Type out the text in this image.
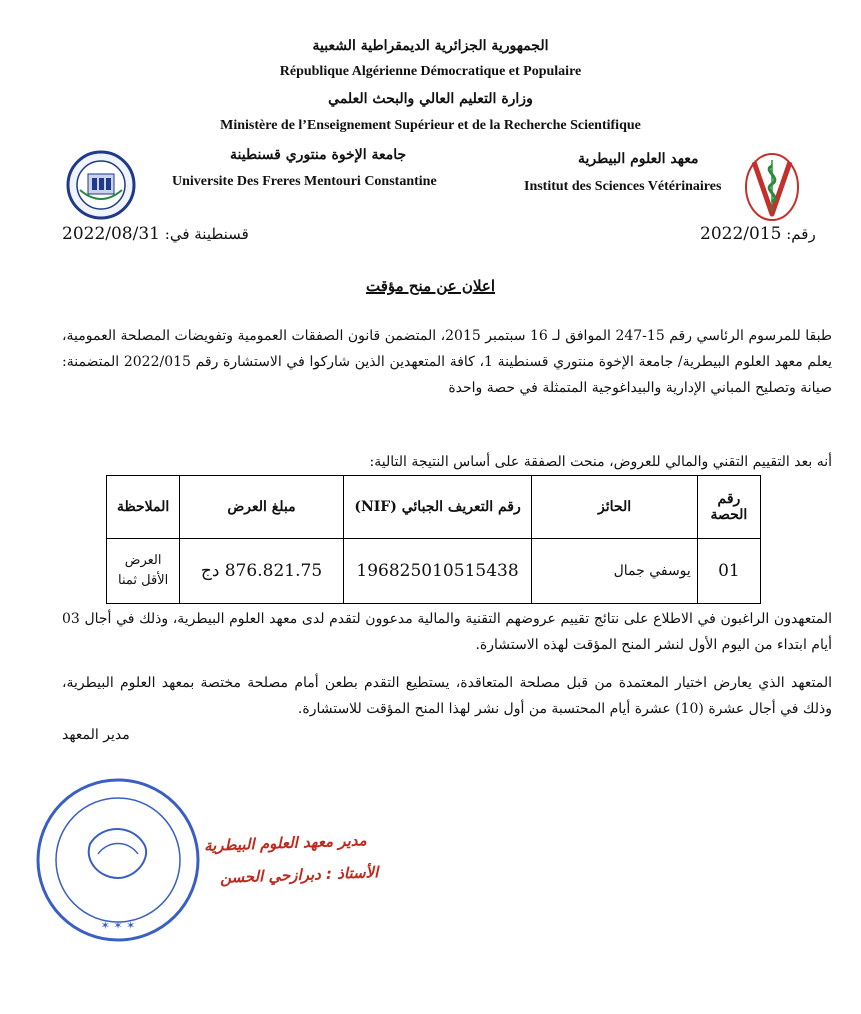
الجمهورية الجزائرية الديمقراطية الشعبية
République Algérienne Démocratique et Populaire
وزارة التعليم العالي والبحث العلمي
Ministère de l’Enseignement Supérieur et de la Recherche Scientifique
جامعة الإخوة منتوري قسنطينة
Universite Des Freres Mentouri Constantine
معهد العلوم البيطرية
Institut des Sciences Vétérinaires
رقم: 2022/015
قسنطينة في: 2022/08/31
اعلان عن منح مؤقت
طبقا للمرسوم الرئاسي رقم 15-247 الموافق لـ 16 سبتمبر 2015، المتضمن قانون الصفقات العمومية وتفويضات المصلحة العمومية، يعلم معهد العلوم البيطرية/ جامعة الإخوة منتوري قسنطينة 1، كافة المتعهدين الذين شاركوا في الاستشارة رقم 2022/015 المتضمنة: صيانة وتصليح المباني الإدارية والبيداغوجية المتمثلة في حصة واحدة
أنه بعد التقييم التقني والمالي للعروض، منحت الصفقة على أساس النتيجة التالية:
رقم الحصة	الحائز	رقم التعريف الجبائي (NIF)	مبلغ العرض	الملاحظة
01	يوسفي جمال	196825010515438	876.821.75 دج	العرض الأقل ثمنا
المتعهدون الراغبون في الاطلاع على نتائج تقييم عروضهم التقنية والمالية مدعوون لتقدم لدى معهد العلوم البيطرية، وذلك في أجال 03 أيام ابتداء من اليوم الأول لنشر المنح المؤقت لهذه الاستشارة.
المتعهد الذي يعارض اختيار المعتمدة من قبل مصلحة المتعاقدة، يستطيع التقدم بطعن أمام مصلحة مختصة بمعهد العلوم البيطرية، وذلك في أجال عشرة (10) عشرة أيام المحتسبة من أول نشر لهذا المنح المؤقت للاستشارة.
مدير المعهد
✶ ✶ ✶
مدير معهد العلوم البيطرية
الأستاذ : دبرازحي الحسن
